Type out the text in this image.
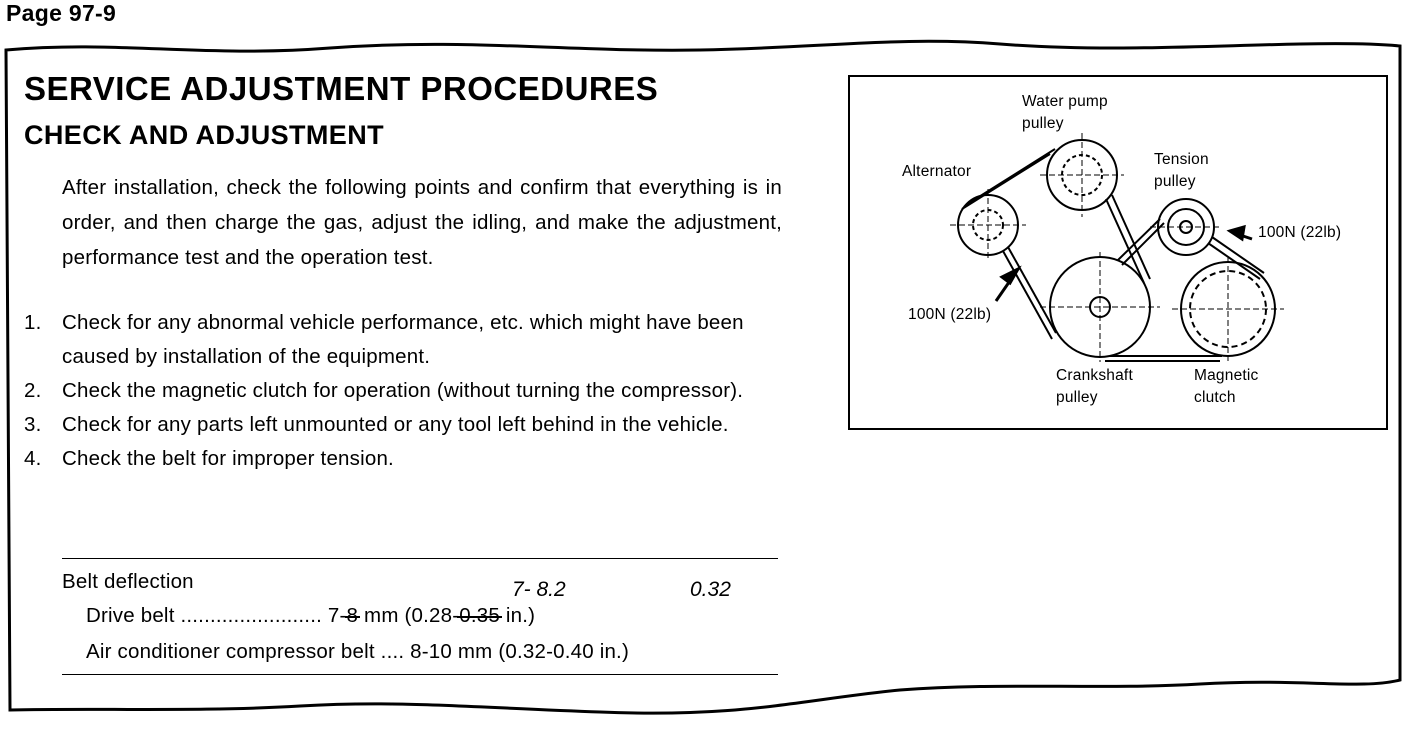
Page 97-9
SERVICE ADJUSTMENT PROCEDURES
CHECK AND ADJUSTMENT
After installation, check the following points and confirm that everything is in order, and then charge the gas, adjust the idling, and make the adjustment, performance test and the operation test.
1. Check for any abnormal vehicle performance, etc. which might have been caused by installation of the equipment.
2. Check the magnetic clutch for operation (without turning the compressor).
3. Check for any parts left unmounted or any tool left behind in the vehicle.
4. Check the belt for improper tension.
Belt deflection	7- 8.2	0.32
Drive belt ........................ 7-8 mm (0.28-0.35 in.)
Air conditioner compressor belt .... 8-10 mm (0.32-0.40 in.)
Water pump
pulley
Alternator
Tension
pulley
100N (22lb)
100N (22lb)
Crankshaft
pulley
Magnetic
clutch
